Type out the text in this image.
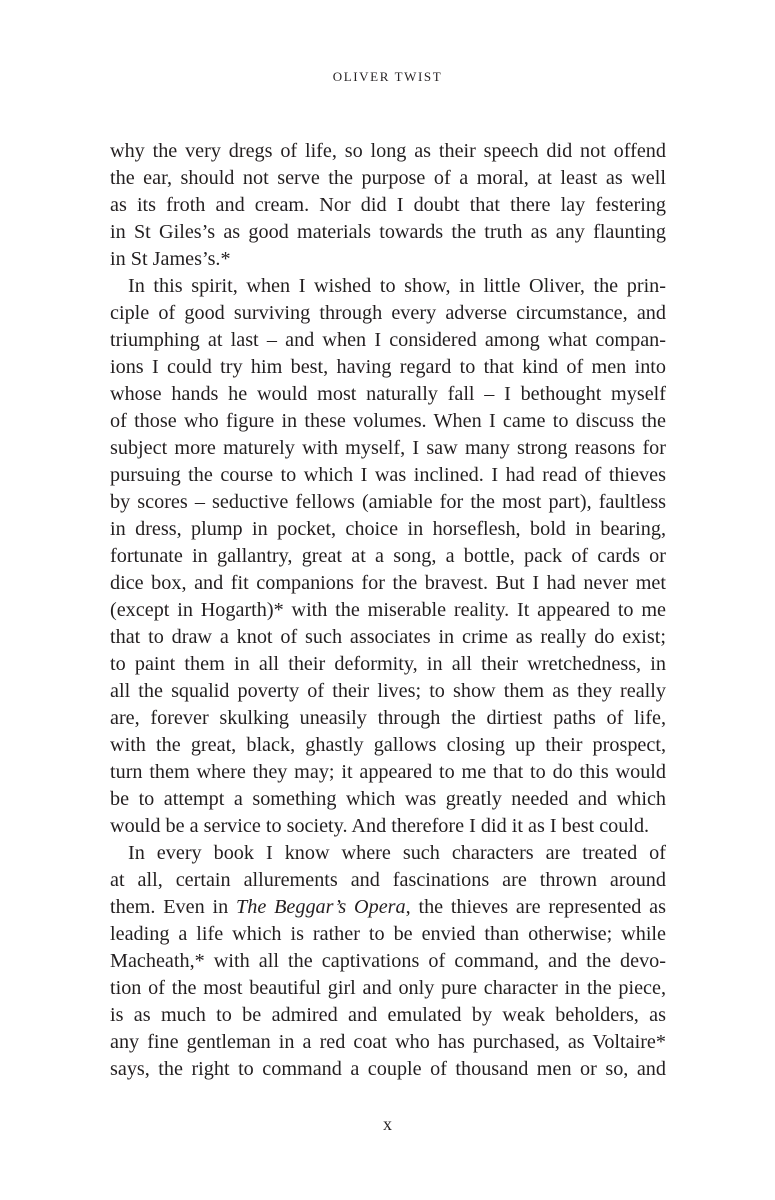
OLIVER TWIST
why the very dregs of life, so long as their speech did not offend
the ear, should not serve the purpose of a moral, at least as well
as its froth and cream. Nor did I doubt that there lay festering
in St Giles’s as good materials towards the truth as any flaunting
in St James’s.*
In this spirit, when I wished to show, in little Oliver, the prin-
ciple of good surviving through every adverse circumstance, and
triumphing at last – and when I considered among what compan-
ions I could try him best, having regard to that kind of men into
whose hands he would most naturally fall – I bethought myself
of those who figure in these volumes. When I came to discuss the
subject more maturely with myself, I saw many strong reasons for
pursuing the course to which I was inclined. I had read of thieves
by scores – seductive fellows (amiable for the most part), faultless
in dress, plump in pocket, choice in horseflesh, bold in bearing,
fortunate in gallantry, great at a song, a bottle, pack of cards or
dice box, and fit companions for the bravest. But I had never met
(except in Hogarth)* with the miserable reality. It appeared to me
that to draw a knot of such associates in crime as really do exist;
to paint them in all their deformity, in all their wretchedness, in
all the squalid poverty of their lives; to show them as they really
are, forever skulking uneasily through the dirtiest paths of life,
with the great, black, ghastly gallows closing up their prospect,
turn them where they may; it appeared to me that to do this would
be to attempt a something which was greatly needed and which
would be a service to society. And therefore I did it as I best could.
In every book I know where such characters are treated of
at all, certain allurements and fascinations are thrown around
them. Even in The Beggar’s Opera, the thieves are represented as
leading a life which is rather to be envied than otherwise; while
Macheath,* with all the captivations of command, and the devo-
tion of the most beautiful girl and only pure character in the piece,
is as much to be admired and emulated by weak beholders, as
any fine gentleman in a red coat who has purchased, as Voltaire*
says, the right to command a couple of thousand men or so, and
x
